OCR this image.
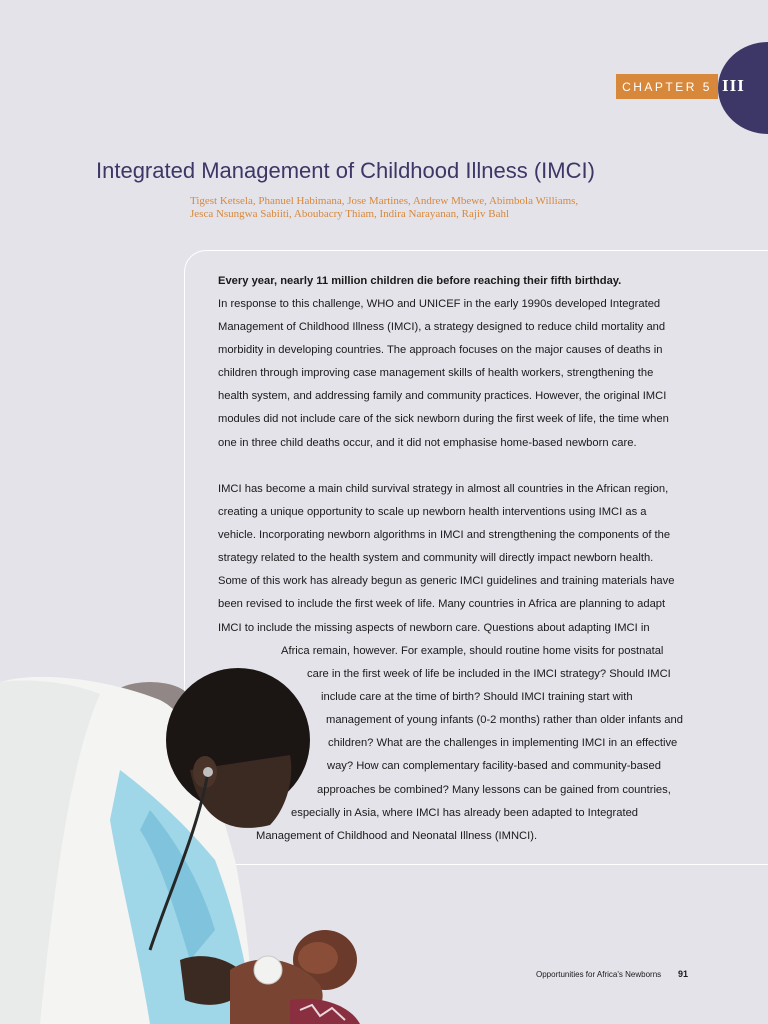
CHAPTER 5 III
Integrated Management of Childhood Illness (IMCI)
Tigest Ketsela, Phanuel Habimana, Jose Martines, Andrew Mbewe, Abimbola Williams,
Jesca Nsungwa Sabiiti, Aboubacry Thiam, Indira Narayanan, Rajiv Bahl
Every year, nearly 11 million children die before reaching their fifth birthday.
In response to this challenge, WHO and UNICEF in the early 1990s developed Integrated
Management of Childhood Illness (IMCI), a strategy designed to reduce child mortality and
morbidity in developing countries. The approach focuses on the major causes of deaths in
children through improving case management skills of health workers, strengthening the
health system, and addressing family and community practices. However, the original IMCI
modules did not include care of the sick newborn during the first week of life, the time when
one in three child deaths occur, and it did not emphasise home-based newborn care.
IMCI has become a main child survival strategy in almost all countries in the African region,
creating a unique opportunity to scale up newborn health interventions using IMCI as a
vehicle. Incorporating newborn algorithms in IMCI and strengthening the components of the
strategy related to the health system and community will directly impact newborn health.
Some of this work has already begun as generic IMCI guidelines and training materials have
been revised to include the first week of life. Many countries in Africa are planning to adapt
IMCI to include the missing aspects of newborn care. Questions about adapting IMCI in
Africa remain, however. For example, should routine home visits for postnatal
care in the first week of life be included in the IMCI strategy? Should IMCI
include care at the time of birth? Should IMCI training start with
management of young infants (0-2 months) rather than older infants and
children? What are the challenges in implementing IMCI in an effective
way? How can complementary facility-based and community-based
approaches be combined? Many lessons can be gained from countries,
especially in Asia, where IMCI has already been adapted to Integrated
Management of Childhood and Neonatal Illness (IMNCI).
Opportunities for Africa's Newborns 91
